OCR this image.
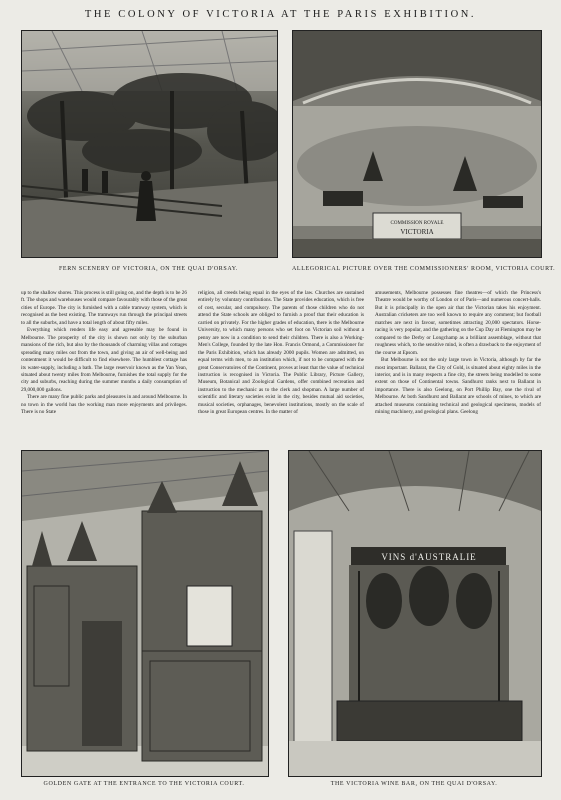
THE COLONY OF VICTORIA AT THE PARIS EXHIBITION.
FERN SCENERY OF VICTORIA, ON THE QUAI D'ORSAY.
COMMISSION ROYALE
VICTORIA
ALLEGORICAL PICTURE OVER THE COMMISSIONERS' ROOM, VICTORIA COURT.

up to the shallow shores. This process is still going on, and the depth is to be 26 ft. The shops and warehouses would compare favourably with those of the great cities of Europe. The city is furnished with a cable tramway system, which is recognised as the best existing. The tramways run through the principal streets to all the suburbs, and have a total length of about fifty miles.

Everything which renders life easy and agreeable may be found in Melbourne. The prosperity of the city is shown not only by the suburban mansions of the rich, but also by the thousands of charming villas and cottages spreading many miles out from the town, and giving an air of well-being and contentment it would be difficult to find elsewhere. The humblest cottage has its water-supply, including a bath. The large reservoir known as the Yan Yean, situated about twenty miles from Melbourne, furnishes the total supply for the city and suburbs, reaching during the summer months a daily consumption of 29,000,000 gallons.

There are many fine public parks and pleasures in and around Melbourne. In no town in the world has the working man more enjoyments and privileges. There is no State

religion, all creeds being equal in the eyes of the law. Churches are sustained entirely by voluntary contributions. The State provides education, which is free of cost, secular, and compulsory. The parents of those children who do not attend the State schools are obliged to furnish a proof that their education is carried on privately. For the higher grades of education, there is the Melbourne University, to which many persons who set foot on Victorian soil without a penny are now in a condition to send their children. There is also a Working-Men's College, founded by the late Hon. Francis Ormond, a Commissioner for the Paris Exhibition, which has already 2000 pupils. Women are admitted, on equal terms with men, to an institution which, if not to be compared with the great Conservatoires of the Continent, proves at least that the value of technical instruction is recognised in Victoria. The Public Library, Picture Gallery, Museum, Botanical and Zoological Gardens, offer combined recreation and instruction to the mechanic as to the clerk and shopman. A large number of scientific and literary societies exist in the city, besides mutual aid societies, musical societies, orphanages, benevolent institutions, mostly on the scale of those in great European centres. In the matter of

amusements, Melbourne possesses fine theatres—of which the Princess's Theatre would be worthy of London or of Paris—and numerous concert-halls. But it is principally in the open air that the Victorian takes his enjoyment. Australian cricketers are too well known to require any comment; but football matches are next in favour, sometimes attracting 20,000 spectators. Horse-racing is very popular, and the gathering on the Cup Day at Flemington may be compared to the Derby or Longchamp as a brilliant assemblage, without that roughness which, to the sensitive mind, is often a drawback to the enjoyment of the course at Epsom.

But Melbourne is not the only large town in Victoria, although by far the most important. Ballarat, the City of Gold, is situated about eighty miles in the interior, and is in many respects a fine city, the streets being modelled to some extent on those of Continental towns. Sandhurst ranks next to Ballarat in importance. There is also Geelong, on Port Phillip Bay, one the rival of Melbourne. At both Sandhurst and Ballarat are schools of mines, to which are attached museums containing technical and geological specimens, models of mining machinery, and geological plans. Geelong

GOLDEN GATE AT THE ENTRANCE TO THE VICTORIA COURT.
VINS d'AUSTRALIE
THE VICTORIA WINE BAR, ON THE QUAI D'ORSAY.
